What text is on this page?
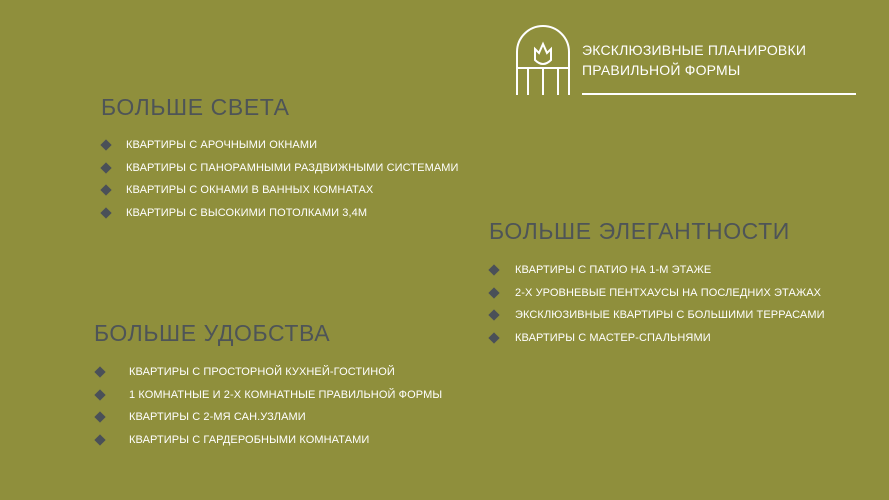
ЭКСКЛЮЗИВНЫЕ ПЛАНИРОВКИ
ПРАВИЛЬНОЙ ФОРМЫ
БОЛЬШЕ СВЕТА
КВАРТИРЫ С АРОЧНЫМИ ОКНАМИ
КВАРТИРЫ С ПАНОРАМНЫМИ РАЗДВИЖНЫМИ СИСТЕМАМИ
КВАРТИРЫ С ОКНАМИ В ВАННЫХ КОМНАТАХ
КВАРТИРЫ С ВЫСОКИМИ ПОТОЛКАМИ 3,4М
БОЛЬШЕ ЭЛЕГАНТНОСТИ
КВАРТИРЫ С ПАТИО НА 1-М ЭТАЖЕ
2-Х УРОВНЕВЫЕ ПЕНТХАУСЫ НА ПОСЛЕДНИХ ЭТАЖАХ
ЭКСКЛЮЗИВНЫЕ КВАРТИРЫ С БОЛЬШИМИ ТЕРРАСАМИ
КВАРТИРЫ С МАСТЕР-СПАЛЬНЯМИ
БОЛЬШЕ УДОБСТВА
КВАРТИРЫ С ПРОСТОРНОЙ КУХНЕЙ-ГОСТИНОЙ
1 КОМНАТНЫЕ И 2-Х КОМНАТНЫЕ ПРАВИЛЬНОЙ ФОРМЫ
КВАРТИРЫ С 2-МЯ САН.УЗЛАМИ
КВАРТИРЫ С ГАРДЕРОБНЫМИ КОМНАТАМИ
